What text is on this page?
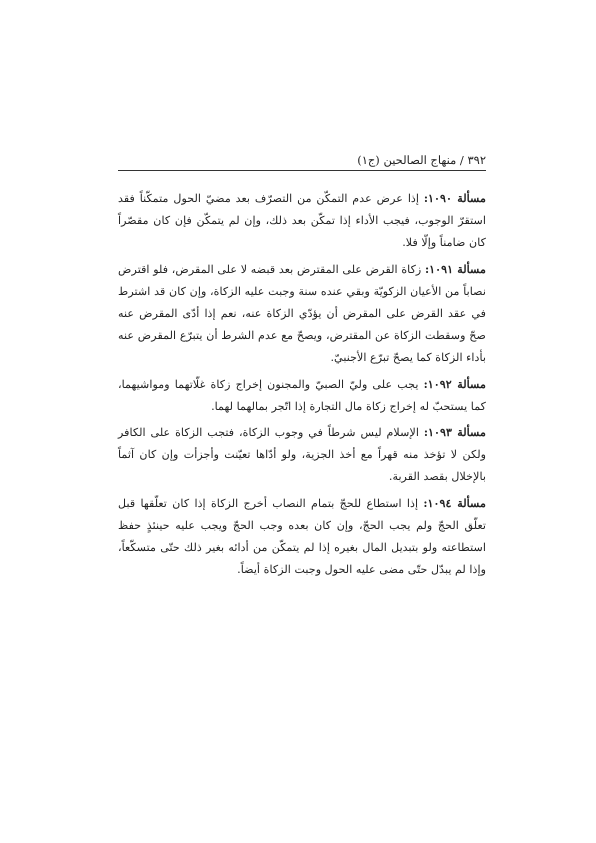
٣٩٢ / منهاج الصالحين (ج١)

مسألة ١٠٩٠: إذا عرض عدم التمكّن من التصرّف بعد مضيّ الحول متمكّناً فقد استقرّ الوجوب، فيجب الأداء إذا تمكّن بعد ذلك، وإن لم يتمكّن فإن كان مقصّراً كان ضامناً وإلّا فلا.

مسألة ١٠٩١: زكاة القرض على المقترض بعد قبضه لا على المقرض، فلو اقترض نصاباً من الأعيان الزكويّة وبقي عنده سنة وجبت عليه الزكاة، وإن كان قد اشترط في عقد القرض على المقرض أن يؤدّي الزكاة عنه، نعم إذا أدّى المقرض عنه صحّ وسقطت الزكاة عن المقترض، ويصحّ مع عدم الشرط أن يتبرّع المقرض عنه بأداء الزكاة كما يصحّ تبرّع الأجنبيّ.

مسألة ١٠٩٢: يجب على وليّ الصبيّ والمجنون إخراج زكاة غلّاتهما ومواشيهما، كما يستحبّ له إخراج زكاة مال التجارة إذا اتّجر بمالهما لهما.

مسألة ١٠٩٣: الإسلام ليس شرطاً في وجوب الزكاة، فتجب الزكاة على الكافر ولكن لا تؤخذ منه قهراً مع أخذ الجزية، ولو أدّاها تعيّنت وأجزأت وإن كان آثماً بالإخلال بقصد القربة.

مسألة ١٠٩٤: إذا استطاع للحجّ بتمام النصاب أخرج الزكاة إذا كان تعلّقها قبل تعلّق الحجّ ولم يجب الحجّ، وإن كان بعده وجب الحجّ ويجب عليه حينئذٍ حفظ استطاعته ولو بتبديل المال بغيره إذا لم يتمكّن من أدائه بغير ذلك حتّى متسكّعاً، وإذا لم يبدّل حتّى مضى عليه الحول وجبت الزكاة أيضاً.
